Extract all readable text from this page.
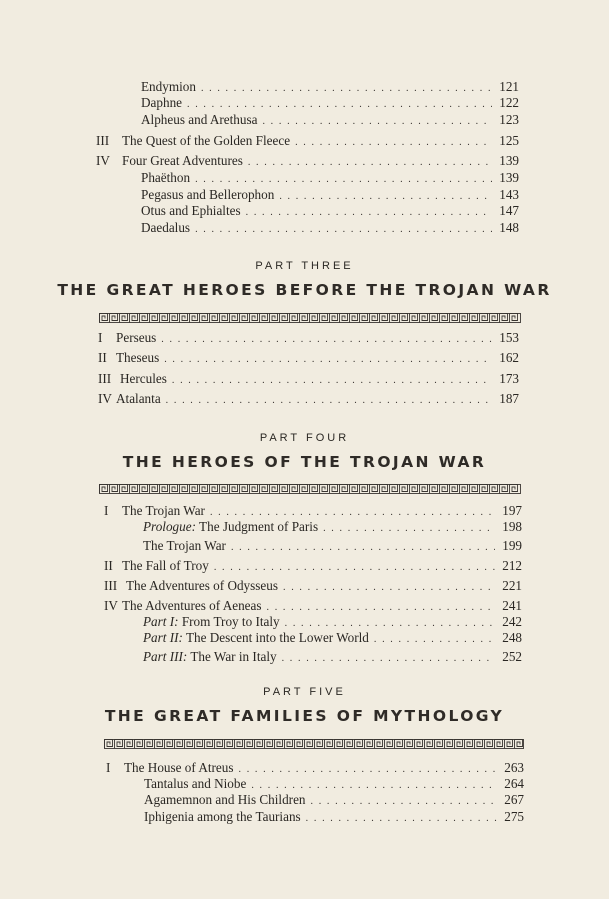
Endymion . . .	121
Daphne . . .	122
Alpheus and Arethusa . . .	123
III The Quest of the Golden Fleece . . .	125
IV Four Great Adventures . . .	139
Phaëthon . . .	139
Pegasus and Bellerophon . . .	143
Otus and Ephialtes . . .	147
Daedalus . . .	148
PART THREE
THE GREAT HEROES BEFORE THE TROJAN WAR
I	Perseus . . .	153
II Theseus . . .	162
III Hercules . . .	173
IV Atalanta . . .	187
PART FOUR
THE HEROES OF THE TROJAN WAR
I	The Trojan War . . .	197
Prologue: The Judgment of Paris . . .	198
The Trojan War . . .	199
II The Fall of Troy . . .	212
III The Adventures of Odysseus . . .	221
IV The Adventures of Aeneas . . .	241
Part I: From Troy to Italy . . .	242
Part II: The Descent into the Lower World . . .	248
Part III: The War in Italy . . .	252
PART FIVE
THE GREAT FAMILIES OF MYTHOLOGY
I	The House of Atreus . . .	263
Tantalus and Niobe . . .	264
Agamemnon and His Children . . .	267
Iphigenia among the Taurians . . .	275
